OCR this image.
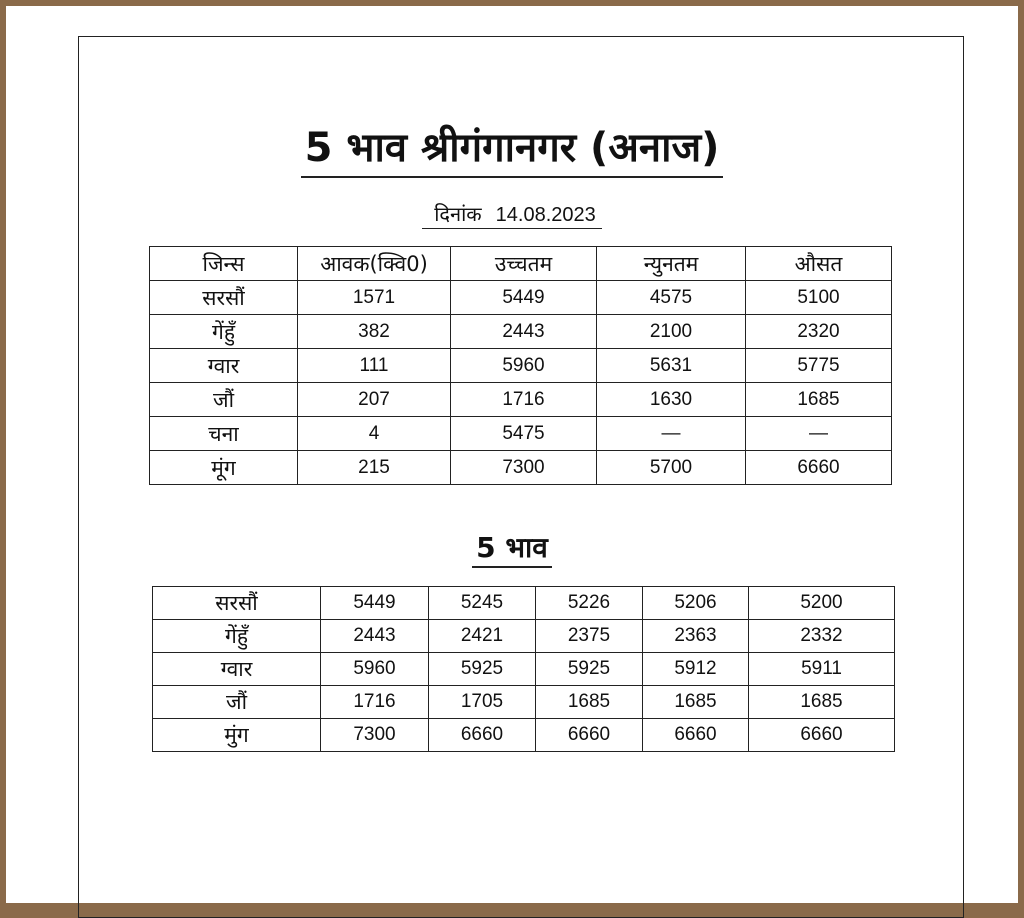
5 भाव श्रीगंगानगर (अनाज)
दिनांक 14.08.2023
जिन्स	आवक(क्वि0)	उच्चतम	न्युनतम	औसत
सरसौं	1571	5449	4575	5100
गेंहुँ	382	2443	2100	2320
ग्वार	111	5960	5631	5775
जौं	207	1716	1630	1685
चना	4	5475	—	—
मूंग	215	7300	5700	6660
5 भाव
सरसौं	5449	5245	5226	5206	5200
गेंहुँ	2443	2421	2375	2363	2332
ग्वार	5960	5925	5925	5912	5911
जौं	1716	1705	1685	1685	1685
मुंग	7300	6660	6660	6660	6660
